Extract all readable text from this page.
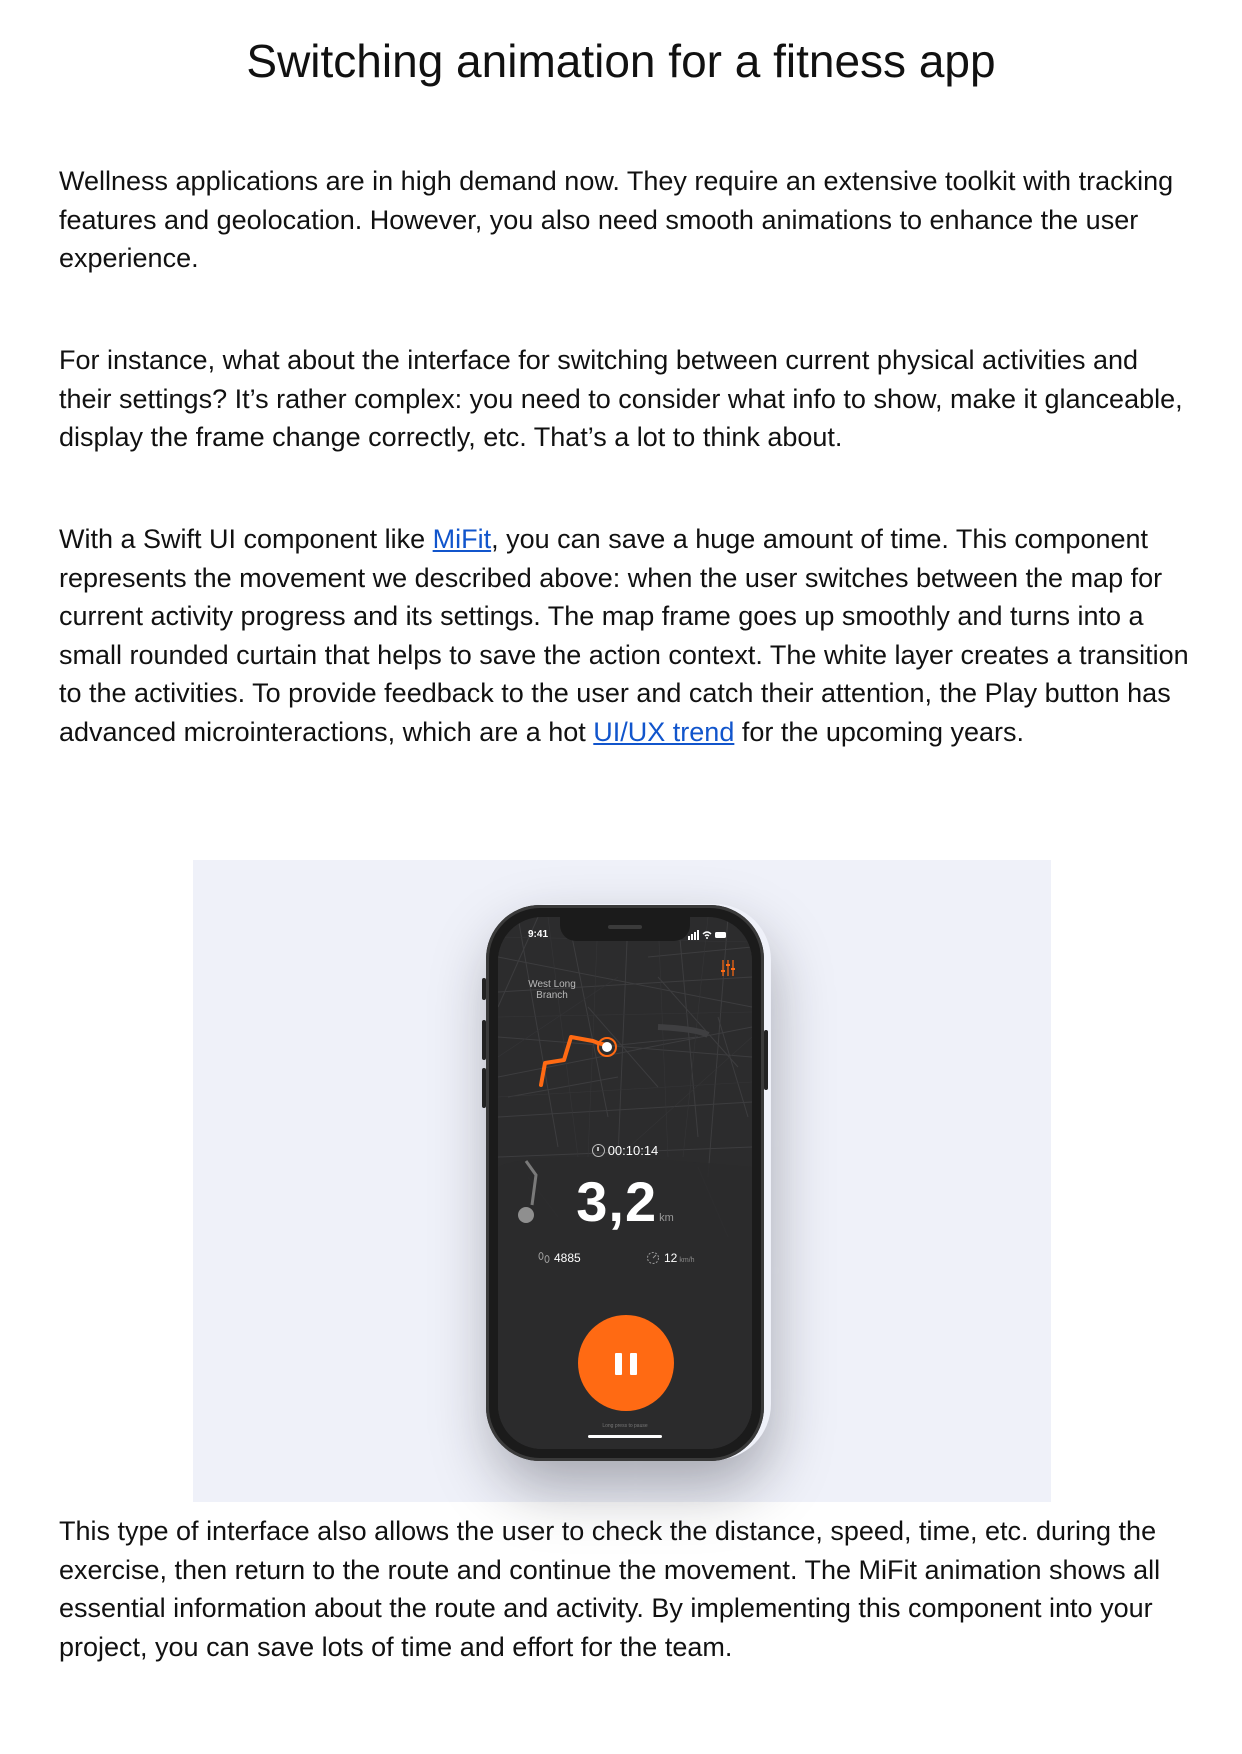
Switching animation for a fitness app

Wellness applications are in high demand now. They require an extensive toolkit with tracking features and geolocation. However, you also need smooth animations to enhance the user experience.

For instance, what about the interface for switching between current physical activities and their settings? It’s rather complex: you need to consider what info to show, make it glanceable, display the frame change correctly, etc. That’s a lot to think about.

With a Swift UI component like MiFit, you can save a huge amount of time. This component represents the movement we described above: when the user switches between the map for current activity progress and its settings. The map frame goes up smoothly and turns into a small rounded curtain that helps to save the action context. The white layer creates a transition to the activities. To provide feedback to the user and catch their attention, the Play button has advanced microinteractions, which are a hot UI/UX trend for the upcoming years.

9:41
West Long Branch
00:10:14
3,2 km
4885	12 km/h
Long press to pause

This type of interface also allows the user to check the distance, speed, time, etc. during the exercise, then return to the route and continue the movement. The MiFit animation shows all essential information about the route and activity. By implementing this component into your project, you can save lots of time and effort for the team.
